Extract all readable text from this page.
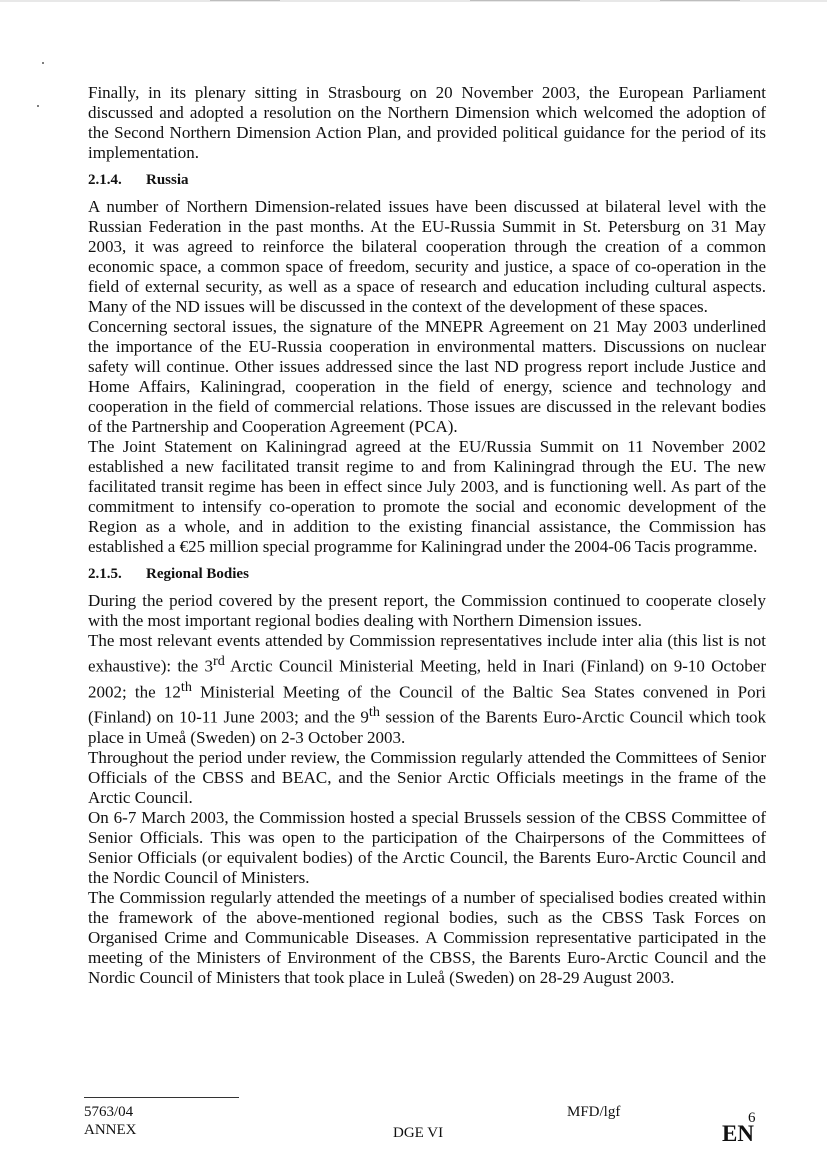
Finally, in its plenary sitting in Strasbourg on 20 November 2003, the European Parliament discussed and adopted a resolution on the Northern Dimension which welcomed the adoption of the Second Northern Dimension Action Plan, and provided political guidance for the period of its implementation.

2.1.4. Russia

A number of Northern Dimension-related issues have been discussed at bilateral level with the Russian Federation in the past months. At the EU-Russia Summit in St. Petersburg on 31 May 2003, it was agreed to reinforce the bilateral cooperation through the creation of a common economic space, a common space of freedom, security and justice, a space of co-operation in the field of external security, as well as a space of research and education including cultural aspects. Many of the ND issues will be discussed in the context of the development of these spaces.

Concerning sectoral issues, the signature of the MNEPR Agreement on 21 May 2003 underlined the importance of the EU-Russia cooperation in environmental matters. Discussions on nuclear safety will continue. Other issues addressed since the last ND progress report include Justice and Home Affairs, Kaliningrad, cooperation in the field of energy, science and technology and cooperation in the field of commercial relations. Those issues are discussed in the relevant bodies of the Partnership and Cooperation Agreement (PCA).

The Joint Statement on Kaliningrad agreed at the EU/Russia Summit on 11 November 2002 established a new facilitated transit regime to and from Kaliningrad through the EU. The new facilitated transit regime has been in effect since July 2003, and is functioning well. As part of the commitment to intensify co-operation to promote the social and economic development of the Region as a whole, and in addition to the existing financial assistance, the Commission has established a €25 million special programme for Kaliningrad under the 2004-06 Tacis programme.

2.1.5. Regional Bodies

During the period covered by the present report, the Commission continued to cooperate closely with the most important regional bodies dealing with Northern Dimension issues.

The most relevant events attended by Commission representatives include inter alia (this list is not exhaustive): the 3rd Arctic Council Ministerial Meeting, held in Inari (Finland) on 9-10 October 2002; the 12th Ministerial Meeting of the Council of the Baltic Sea States convened in Pori (Finland) on 10-11 June 2003; and the 9th session of the Barents Euro-Arctic Council which took place in Umeå (Sweden) on 2-3 October 2003.

Throughout the period under review, the Commission regularly attended the Committees of Senior Officials of the CBSS and BEAC, and the Senior Arctic Officials meetings in the frame of the Arctic Council.

On 6-7 March 2003, the Commission hosted a special Brussels session of the CBSS Committee of Senior Officials. This was open to the participation of the Chairpersons of the Committees of Senior Officials (or equivalent bodies) of the Arctic Council, the Barents Euro-Arctic Council and the Nordic Council of Ministers.

The Commission regularly attended the meetings of a number of specialised bodies created within the framework of the above-mentioned regional bodies, such as the CBSS Task Forces on Organised Crime and Communicable Diseases. A Commission representative participated in the meeting of the Ministers of Environment of the CBSS, the Barents Euro-Arctic Council and the Nordic Council of Ministers that took place in Luleå (Sweden) on 28-29 August 2003.

5763/04
ANNEX	DGE VI
MFD/lgf	6
EN
